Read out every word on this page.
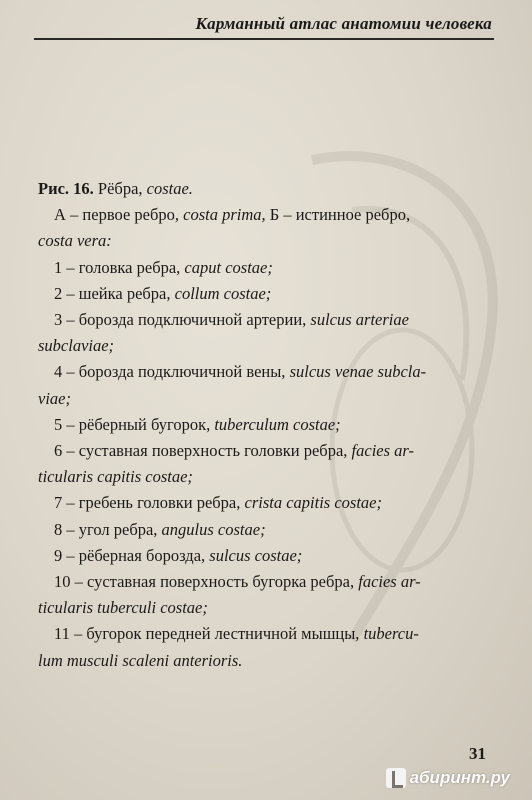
Карманный атлас анатомии человека

Рис. 16. Рёбра, costae.

А – первое ребро, costa prima, Б – истинное ребро,

costa vera:

1 – головка ребра, caput costae;

2 – шейка ребра, collum costae;

3 – борозда подключичной артерии, sulcus arteriae

subclaviae;

4 – борозда подключичной вены, sulcus venae subcla-

viae;

5 – рёберный бугорок, tuberculum costae;

6 – суставная поверхность головки ребра, facies ar-

ticularis capitis costae;

7 – гребень головки ребра, crista capitis costae;

8 – угол ребра, angulus costae;

9 – рёберная борозда, sulcus costae;

10 – суставная поверхность бугорка ребра, facies ar-

ticularis tuberculi costae;

11 – бугорок передней лестничной мышцы, tubercu-

lum musculi scaleni anterioris.

31
абиринт.ру
